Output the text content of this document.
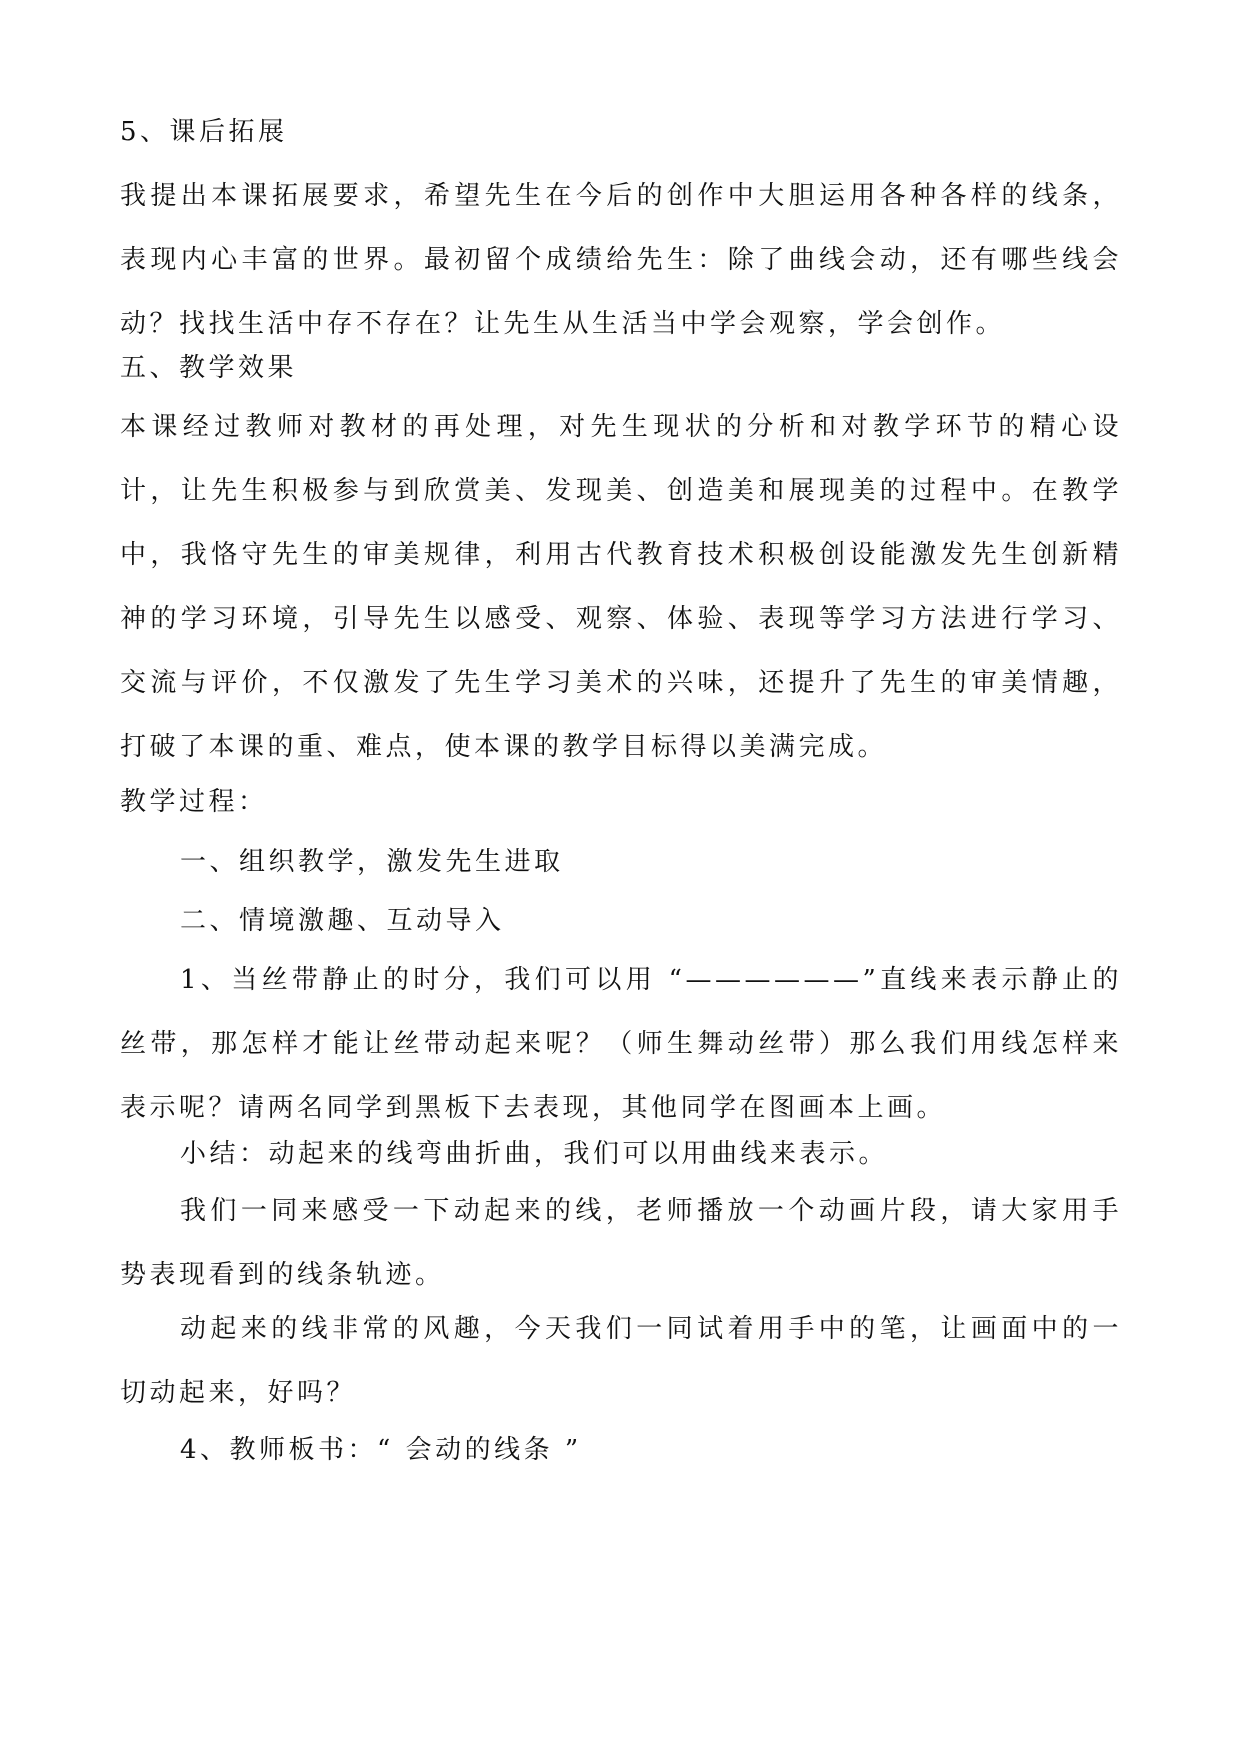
5、课后拓展
我提出本课拓展要求，希望先生在今后的创作中大胆运用各种各样的线条，表现内心丰富的世界。最初留个成绩给先生：除了曲线会动，还有哪些线会动？找找生活中存不存在？让先生从生活当中学会观察，学会创作。
五、教学效果
本课经过教师对教材的再处理，对先生现状的分析和对教学环节的精心设计，让先生积极参与到欣赏美、发现美、创造美和展现美的过程中。在教学中，我恪守先生的审美规律，利用古代教育技术积极创设能激发先生创新精神的学习环境，引导先生以感受、观察、体验、表现等学习方法进行学习、交流与评价，不仅激发了先生学习美术的兴味，还提升了先生的审美情趣，打破了本课的重、难点，使本课的教学目标得以美满完成。
教学过程：
一、组织教学，激发先生进取
二、情境激趣、互动导入
1、当丝带静止的时分，我们可以用 “——————”直线来表示静止的丝带，那怎样才能让丝带动起来呢？（师生舞动丝带）那么我们用线怎样来表示呢？请两名同学到黑板下去表现，其他同学在图画本上画。
小结：动起来的线弯曲折曲，我们可以用曲线来表示。
我们一同来感受一下动起来的线，老师播放一个动画片段，请大家用手势表现看到的线条轨迹。
动起来的线非常的风趣，今天我们一同试着用手中的笔，让画面中的一切动起来，好吗？
4、教师板书：“ 会动的线条 ”
